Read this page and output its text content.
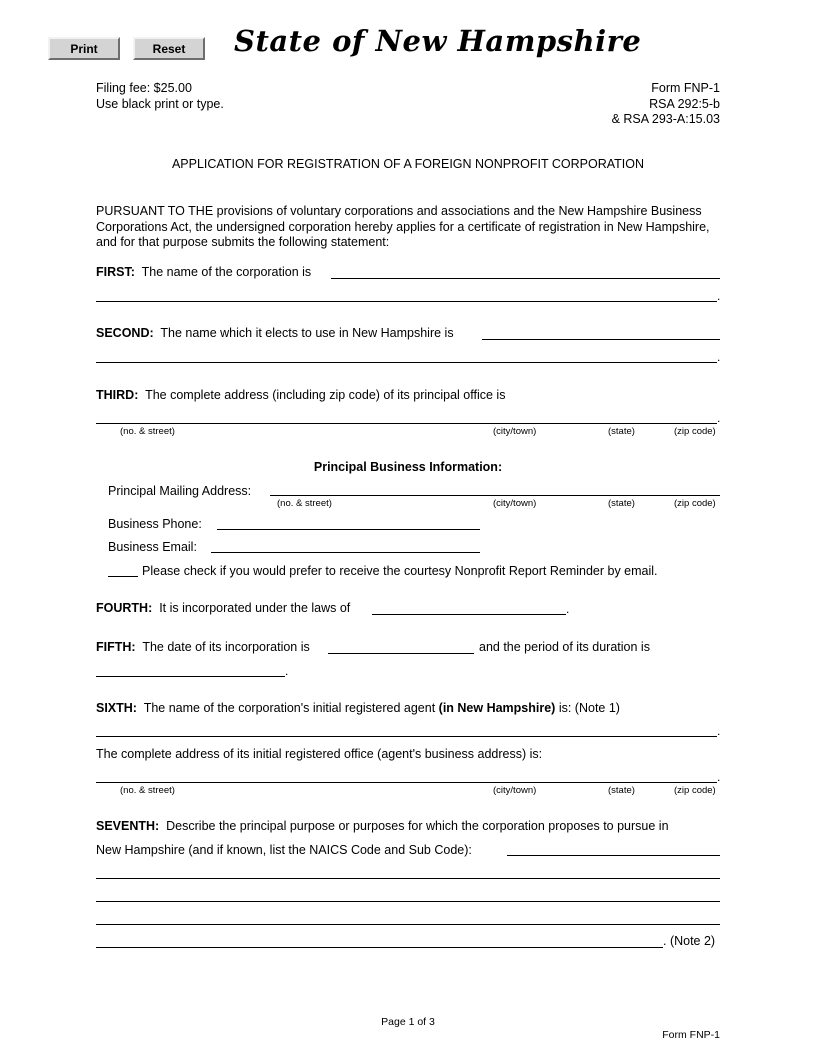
Print	Reset	State of New Hampshire
Filing fee: $25.00
Use black print or type.
Form FNP-1
RSA 292:5-b
& RSA 293-A:15.03
APPLICATION FOR REGISTRATION OF A FOREIGN NONPROFIT CORPORATION
PURSUANT TO THE provisions of voluntary corporations and associations and the New Hampshire Business Corporations Act, the undersigned corporation hereby applies for a certificate of registration in New Hampshire, and for that purpose submits the following statement:
FIRST: The name of the corporation is
.
SECOND: The name which it elects to use in New Hampshire is
.
THIRD: The complete address (including zip code) of its principal office is
.
(no. & street)	(city/town)	(state)	(zip code)
Principal Business Information:
Principal Mailing Address:
(no. & street)	(city/town)	(state)	(zip code)
Business Phone:
Business Email:
Please check if you would prefer to receive the courtesy Nonprofit Report Reminder by email.
FOURTH: It is incorporated under the laws of	.
FIFTH: The date of its incorporation is	and the period of its duration is
.
SIXTH: The name of the corporation's initial registered agent (in New Hampshire) is: (Note 1)
.
The complete address of its initial registered office (agent's business address) is:
.
(no. & street)	(city/town)	(state)	(zip code)
SEVENTH: Describe the principal purpose or purposes for which the corporation proposes to pursue in
New Hampshire (and if known, list the NAICS Code and Sub Code):
. (Note 2)
Page 1 of 3
Form FNP-1
